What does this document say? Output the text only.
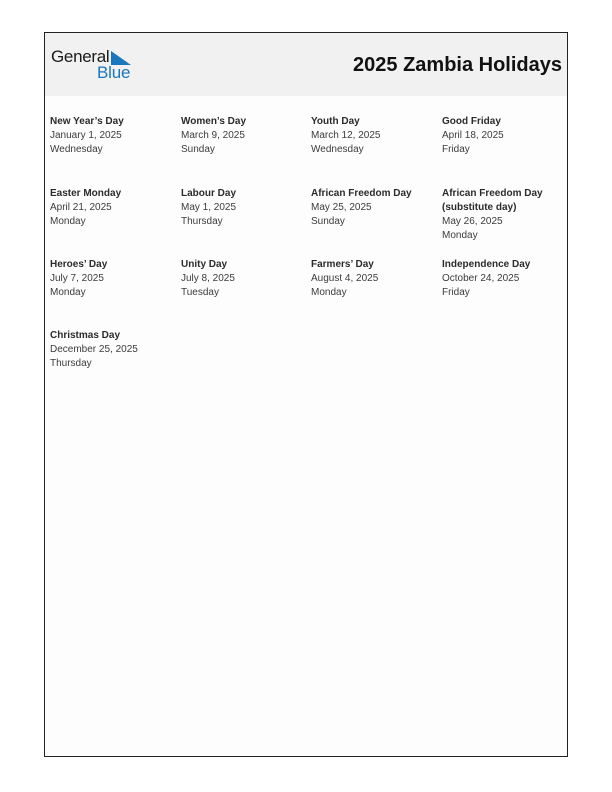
General
Blue	2025 Zambia Holidays
New Year’s Day
January 1, 2025
Wednesday
Women’s Day
March 9, 2025
Sunday
Youth Day
March 12, 2025
Wednesday
Good Friday
April 18, 2025
Friday
Easter Monday
April 21, 2025
Monday
Labour Day
May 1, 2025
Thursday
African Freedom Day
May 25, 2025
Sunday
African Freedom Day (substitute day)
May 26, 2025
Monday
Heroes’ Day
July 7, 2025
Monday
Unity Day
July 8, 2025
Tuesday
Farmers’ Day
August 4, 2025
Monday
Independence Day
October 24, 2025
Friday
Christmas Day
December 25, 2025
Thursday
